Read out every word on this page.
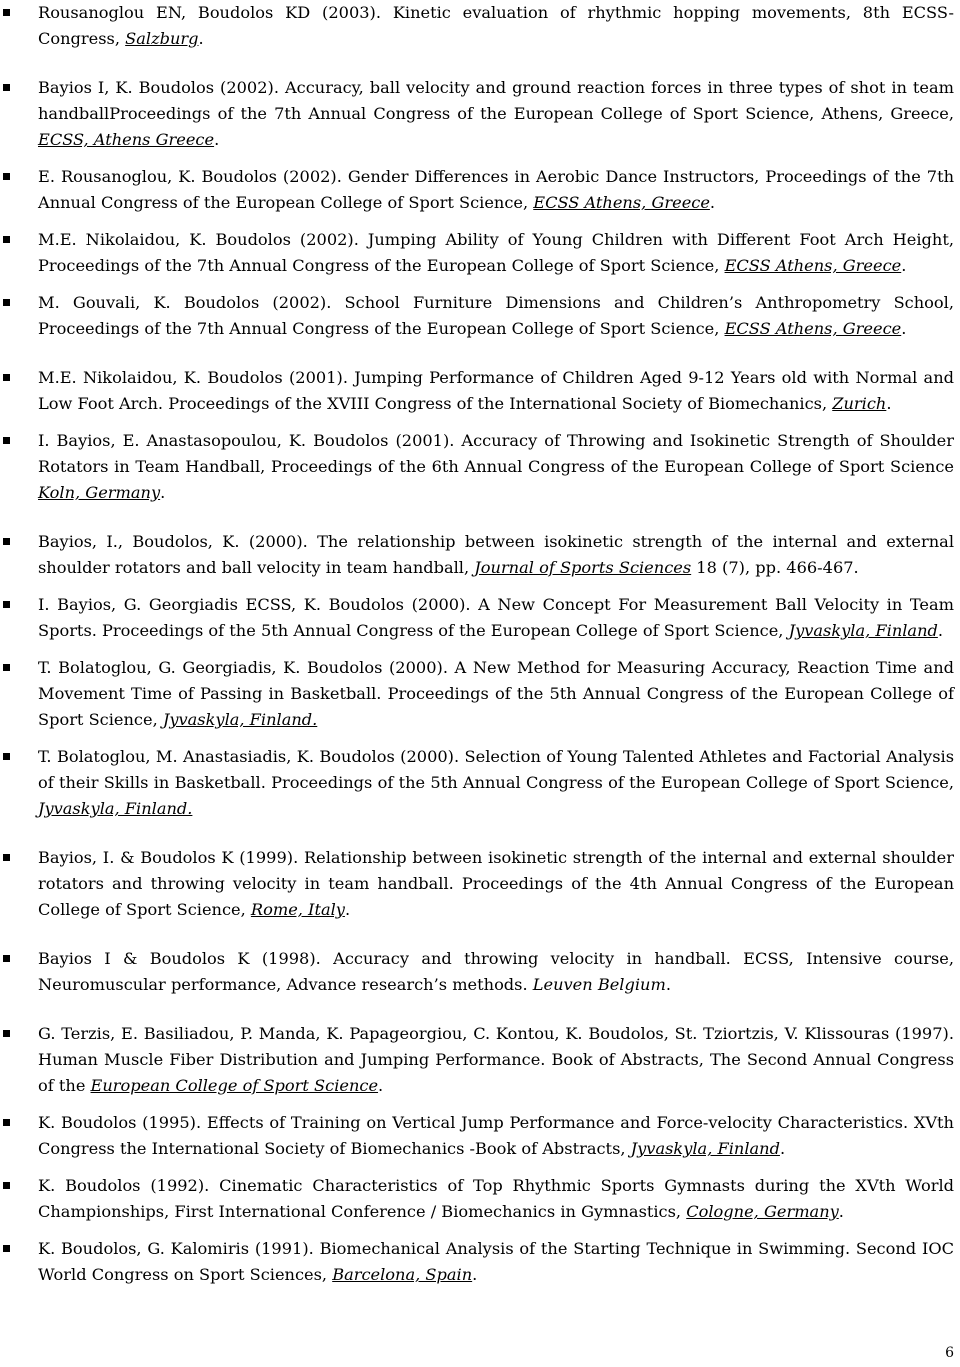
Rousanoglou EN, Boudolos KD (2003). Kinetic evaluation of rhythmic hopping movements, 8th ECSS-Congress, Salzburg.
Bayios I, K. Boudolos (2002). Accuracy, ball velocity and ground reaction forces in three types of shot in team handballProceedings of the 7th Annual Congress of the European College of Sport Science, Athens, Greece, ECSS, Athens Greece.
E. Rousanoglou, K. Boudolos (2002). Gender Differences in Aerobic Dance Instructors, Proceedings of the 7th Annual Congress of the European College of Sport Science, ECSS Athens, Greece.
M.E. Nikolaidou, K. Boudolos (2002). Jumping Ability of Young Children with Different Foot Arch Height, Proceedings of the 7th Annual Congress of the European College of Sport Science, ECSS Athens, Greece.
M. Gouvali, K. Boudolos (2002). School Furniture Dimensions and Children’s Anthropometry School, Proceedings of the 7th Annual Congress of the European College of Sport Science, ECSS Athens, Greece.
M.E. Nikolaidou, K. Boudolos (2001). Jumping Performance of Children Aged 9-12 Years old with Normal and Low Foot Arch. Proceedings of the XVIII Congress of the International Society of Biomechanics, Zurich.
I. Bayios, E. Anastasopoulou, K. Boudolos (2001). Accuracy of Throwing and Isokinetic Strength of Shoulder Rotators in Team Handball, Proceedings of the 6th Annual Congress of the European College of Sport Science Koln, Germany.
Bayios, I., Boudolos, K. (2000). The relationship between isokinetic strength of the internal and external shoulder rotators and ball velocity in team handball, Journal of Sports Sciences 18 (7), pp. 466-467.
I. Bayios, G. Georgiadis ECSS, K. Boudolos (2000). A New Concept For Measurement Ball Velocity in Team Sports. Proceedings of the 5th Annual Congress of the European College of Sport Science, Jyvaskyla, Finland.
T. Bolatoglou, G. Georgiadis, K. Boudolos (2000). A New Method for Measuring Accuracy, Reaction Time and Movement Time of Passing in Basketball. Proceedings of the 5th Annual Congress of the European College of Sport Science, Jyvaskyla, Finland.
T. Bolatoglou, M. Anastasiadis, K. Boudolos (2000). Selection of Young Talented Athletes and Factorial Analysis of their Skills in Basketball. Proceedings of the 5th Annual Congress of the European College of Sport Science, Jyvaskyla, Finland.
Bayios, I. & Boudolos K (1999). Relationship between isokinetic strength of the internal and external shoulder rotators and throwing velocity in team handball. Proceedings of the 4th Annual Congress of the European College of Sport Science, Rome, Italy.
Bayios I & Boudolos K (1998). Accuracy and throwing velocity in handball. ECSS, Intensive course, Neuromuscular performance, Advance research’s methods. Leuven Belgium.
G. Terzis, E. Basiliadou, P. Manda, K. Papageorgiou, C. Kontou, K. Boudolos, St. Tziortzis, V. Klissouras (1997). Human Muscle Fiber Distribution and Jumping Performance. Book of Abstracts, The Second Annual Congress of the European College of Sport Science.
K. Boudolos (1995). Effects of Training on Vertical Jump Performance and Force-velocity Characteristics. XVth Congress the International Society of Biomechanics -Book of Abstracts, Jyvaskyla, Finland.
K. Boudolos (1992). Cinematic Characteristics of Top Rhythmic Sports Gymnasts during the XVth World Championships, First International Conference / Biomechanics in Gymnastics, Cologne, Germany.
K. Boudolos, G. Kalomiris (1991). Biomechanical Analysis of the Starting Technique in Swimming. Second IOC World Congress on Sport Sciences, Barcelona, Spain.
6
